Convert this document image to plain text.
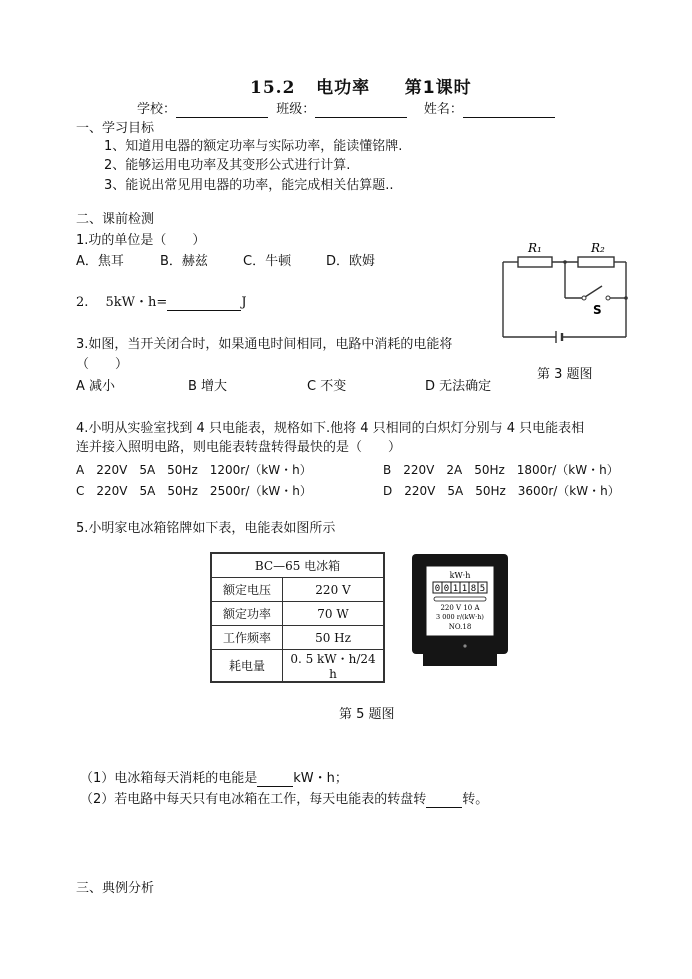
15.2 电功率 第1课时
学校：	班级：	姓名：
一、学习目标
1、知道用电器的额定功率与实际功率，能读懂铭牌.
2、能够运用电功率及其变形公式进行计算.
3、能说出常见用电器的功率，能完成相关估算题..
二、课前检测
1.功的单位是（　　）
A．焦耳	B．赫兹	C．牛顿	D．欧姆
2.　 5kW・h=	J
R₁	R₂
S
3.如图，当开关闭合时，如果通电时间相同，电路中消耗的电能将
（　　）
第 3 题图
A 减小	B 增大	C 不变	D 无法确定
4.小明从实验室找到 4 只电能表，规格如下.他将 4 只相同的白炽灯分别与 4 只电能表相
连并接入照明电路，则电能表转盘转得最快的是（　　）
A　220V　5A　50Hz　1200r/（kW・h）	B　220V　2A　50Hz　1800r/（kW・h）
C　220V　5A　50Hz　2500r/（kW・h）	D　220V　5A　50Hz　3600r/（kW・h）
5.小明家电冰箱铭牌如下表，电能表如图所示
BC—65 电冰箱	
额定电压	220 V
额定功率	70 W
工作频率	50 Hz
耗电量	0. 5 kW・h/24 h
kW·h
0 0 1 1 8 5
220 V 10 A
3 000 r/(kW·h)
NO.18
第 5 题图
（1）电冰箱每天消耗的电能是	kW・h；
（2）若电路中每天只有电冰箱在工作，每天电能表的转盘转	转。
三、典例分析
